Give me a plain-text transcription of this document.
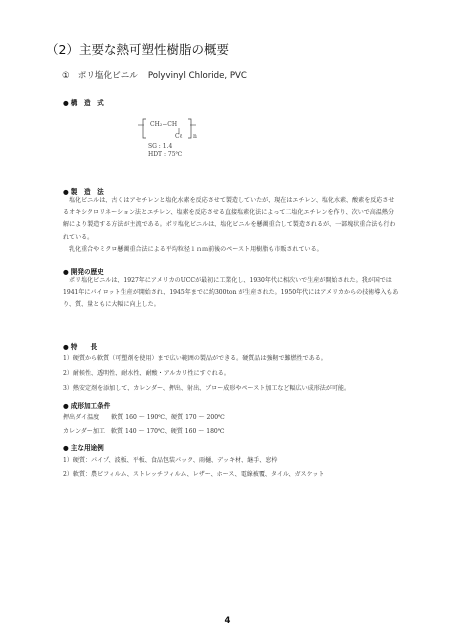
（2）主要な熱可塑性樹脂の概要
① ポリ塩化ビニル Polyvinyl Chloride, PVC
● 構　造　式
CH₂−CH
Cℓ n
SG : 1.4
HDT : 75℃
● 製　造　法

塩化ビニルは、古くはアセチレンと塩化水素を反応させて製造していたが、現在はエチレン、塩化水素、酸素を反応させるオキシクロリネーション法とエチレン、塩素を反応させる直接塩素化法によって二塩化エチレンを作り、次いで高温熱分解により製造する方法が主流である。ポリ塩化ビニルは、塩化ビニルを懸濁重合して製造されるが、一部塊状重合法も行われている。

乳化重合やミクロ懸濁重合法による平均粒径１ｎｍ前後のペースト用樹脂も市販されている。

● 開発の歴史

ポリ塩化ビニルは、1927年にアメリカのUCCが最初に工業化し、1930年代に相次いで生産が開始された。我が国では1941年にパイロット生産が開始され、1945年までに約300ton が生産された。1950年代にはアメリカからの技術導入もあり、質、量ともに大幅に向上した。

● 特　　長
1）硬質から軟質（可塑剤を使用）まで広い範囲の製品ができる。硬質品は強靭で難燃性である。
2）耐候性、透明性、耐水性、耐酸・アルカリ性にすぐれる。
3）熱安定剤を添加して、カレンダー、押出、射出、ブロー成形やペースト加工など幅広い成形法が可能。
● 成形加工条件
押出ダイ温度　　軟質 160 〜 190℃、硬質 170 〜 200℃
カレンダー加工　軟質 140 〜 170℃、硬質 160 〜 180℃
● 主な用途例
1）硬質：パイプ、波板、平板、食品包装パック、雨樋、デッキ材、継手、窓枠
2）軟質：農ビフィルム、ストレッチフィルム、レザー、ホース、電線被覆、タイル、ガスケット
4
